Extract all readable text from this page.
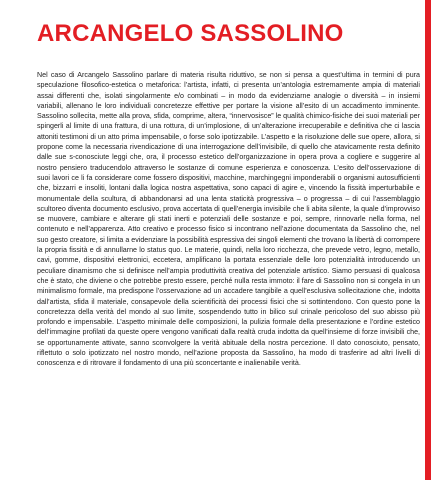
ARCANGELO SASSOLINO

Nel caso di Arcangelo Sassolino parlare di materia risulta riduttivo, se non si pensa a quest’ultima in termini di pura speculazione filosofico-estetica o metaforica: l’artista, infatti, ci presenta un’antologia estremamente ampia di materiali assai differenti che, isolati singolarmente e/o combinati – in modo da evidenziarne analogie o diversità – in insiemi variabili, allenano le loro individuali concretezze effettive per portare la visione all’esito di un accadimento imminente. Sassolino sollecita, mette alla prova, sfida, comprime, altera, “innervosisce” le qualità chimico-fisiche dei suoi materiali per spingerli al limite di una frattura, di una rottura, di un’implosione, di un’alterazione irrecuperabile e definitiva che ci lascia attoniti testimoni di un atto prima impensabile, o forse solo ipotizzabile. L’aspetto e la risoluzione delle sue opere, allora, si propone come la necessaria rivendicazione di una interrogazione dell’invisibile, di quello che atavicamente resta definito dalle sue s-conosciute leggi che, ora, il processo estetico dell’organizzazione in opera prova a cogliere e suggerire al nostro pensiero traducendolo attraverso le sostanze di comune esperienza e conoscenza. L’esito dell’osservazione di suoi lavori ce li fa considerare come fossero dispositivi, macchine, marchingegni imponderabili o organismi autosufficienti che, bizzarri e insoliti, lontani dalla logica nostra aspettativa, sono capaci di agire e, vincendo la fissità imperturbabile e monumentale della scultura, di abbandonarsi ad una lenta staticità progressiva – o progressa – di cui l’assemblaggio scultoreo diventa documento esclusivo, prova accertata di quell’energia invisibile che li abita silente, la quale d’improvviso se muovere, cambiare e alterare gli stati inerti e potenziali delle sostanze e poi, sempre, rinnovarle nella forma, nel contenuto e nell’apparenza. Atto creativo e processo fisico si incontrano nell’azione documentata da Sassolino che, nel suo gesto creatore, si limita a evidenziare la possibilità espressiva dei singoli elementi che trovano la libertà di corrompere la propria fissità e di annullarne lo status quo. Le materie, quindi, nella loro ricchezza, che prevede vetro, legno, metallo, cavi, gomme, dispositivi elettronici, eccetera, amplificano la portata essenziale delle loro potenzialità introducendo un peculiare dinamismo che si definisce nell’ampia produttività creativa del potenziale artistico. Siamo persuasi di qualcosa che è stato, che diviene o che potrebbe presto essere, perché nulla resta immoto: il fare di Sassolino non si congela in un minimalismo formale, ma predispone l’osservazione ad un accadere tangibile a quell’esclusiva sollecitazione che, indotta dall’artista, sfida il materiale, consapevole della scientificità dei processi fisici che si sottintendono. Con questo pone la concretezza della verità del mondo al suo limite, sospendendo tutto in bilico sul crinale pericoloso del suo abisso più profondo e impensabile. L’aspetto minimale delle composizioni, la pulizia formale della presentazione e l’ordine estetico dell’immagine profilati da queste opere vengono vanificati dalla realtà cruda indotta da quell’insieme di forze invisibili che, se opportunamente attivate, sanno sconvolgere la verità abituale della nostra percezione. Il dato conosciuto, pensato, riflettuto o solo ipotizzato nel nostro mondo, nell’azione proposta da Sassolino, ha modo di trasferire ad altri livelli di conoscenza e di ritrovare il fondamento di una più sconcertante e inalienabile verità.
